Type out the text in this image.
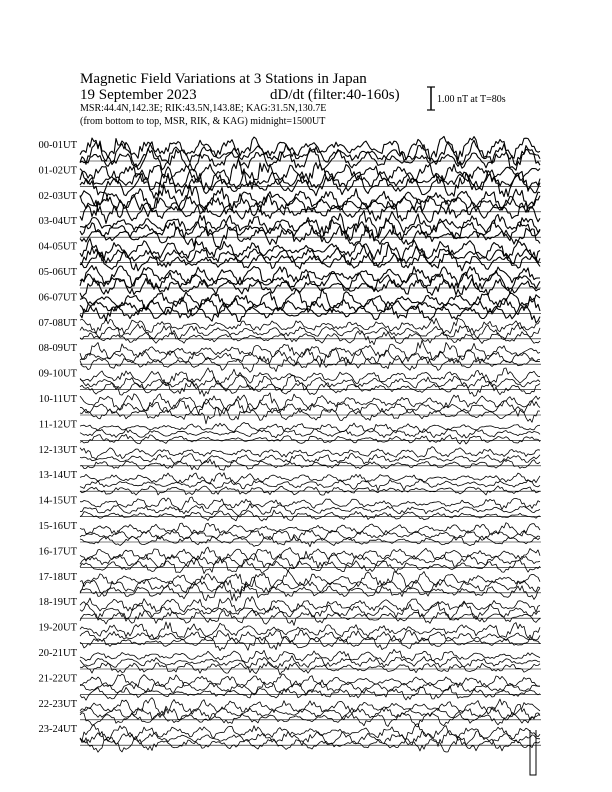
Magnetic Field Variations at 3 Stations in Japan
19 September 2023	dD/dt (filter:40-160s)
MSR:44.4N,142.3E; RIK:43.5N,143.8E; KAG:31.5N,130.7E
(from bottom to top, MSR, RIK, & KAG) midnight=1500UT
1.00 nT at T=80s
00-01UT
01-02UT
02-03UT
03-04UT
04-05UT
05-06UT
06-07UT
07-08UT
08-09UT
09-10UT
10-11UT
11-12UT
12-13UT
13-14UT
14-15UT
15-16UT
16-17UT
17-18UT
18-19UT
19-20UT
20-21UT
21-22UT
22-23UT
23-24UT
